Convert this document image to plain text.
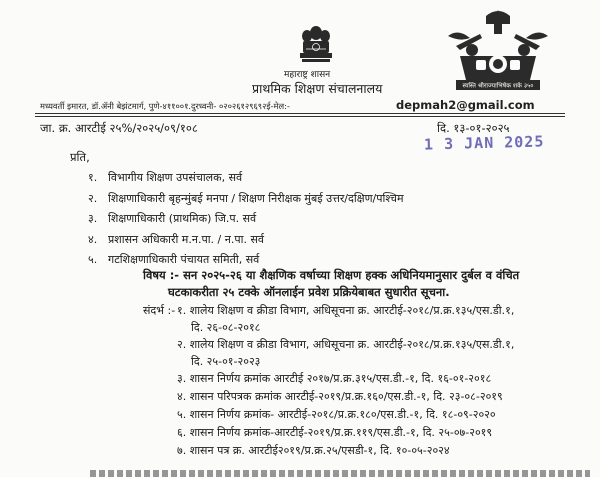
स्वस्ति श्रीराज्याभिषेक शके ३५०
महाराष्ट्र शासन
प्राथमिक शिक्षण संचालनालय
मध्यवर्ती इमारत, डॉ.ॲनी बेझंटमार्ग, पुणे-४११००१.दुरध्वनी- ०२०२६१२९६९२ई-मेल:-	depmah2@gmail.com
जा. क्र. आरटीई २५%/२०२५/०९/१०८	दि. १३-०१-२०२५
1 3 JAN 2025
प्रति,
१. विभागीय शिक्षण उपसंचालक, सर्व
२. शिक्षणाधिकारी बृहन्मुंबई मनपा / शिक्षण निरीक्षक मुंबई उत्तर/दक्षिण/पश्चिम
३. शिक्षणाधिकारी (प्राथमिक) जि.प. सर्व
४. प्रशासन अधिकारी म.न.पा. / न.पा. सर्व
५. गटशिक्षणाधिकारी पंचायत समिती, सर्व
विषय :- सन २०२५-२६ या शैक्षणिक वर्षाच्या शिक्षण हक्क अधिनियमानुसार दुर्बल व वंचित
घटकाकरीता २५ टक्के ऑनलाईन प्रवेश प्रक्रियेबाबत सुधारीत सूचना.
संदर्भ :- १. शालेय शिक्षण व क्रीडा विभाग, अधिसूचना क्र. आरटीई-२०१८/प्र.क्र.१३५/एस.डी.१,
दि. २६-०८-२०१८
२. शालेय शिक्षण व क्रीडा विभाग, अधिसूचना क्र. आरटीई-२०१८/प्र.क्र.१३५/एस.डी.१,
दि. २५-०१-२०२३
३. शासन निर्णय क्रमांक आरटीई २०१७/प्र.क्र.३१५/एस.डी.-१, दि. १६-०१-२०१८
४. शासन परिपत्रक क्रमांक आरटीई-२०१९/प्र.क्र.१६०/एस.डी.-१, दि. २३-०८-२०१९
५. शासन निर्णय क्रमांक- आरटीई-२०१८/प्र.क्र.१८०/एस.डी.-१, दि. १८-०९-२०२०
६. शासन निर्णय क्रमांक-आरटीई-२०१९/प्र.क्र.११९/एस.डी.-१, दि. २५-०७-२०१९
७. शासन पत्र क्र. आरटीई२०१९/प्र.क्र.२५/एसडी-१, दि. १०-०५-२०२४
